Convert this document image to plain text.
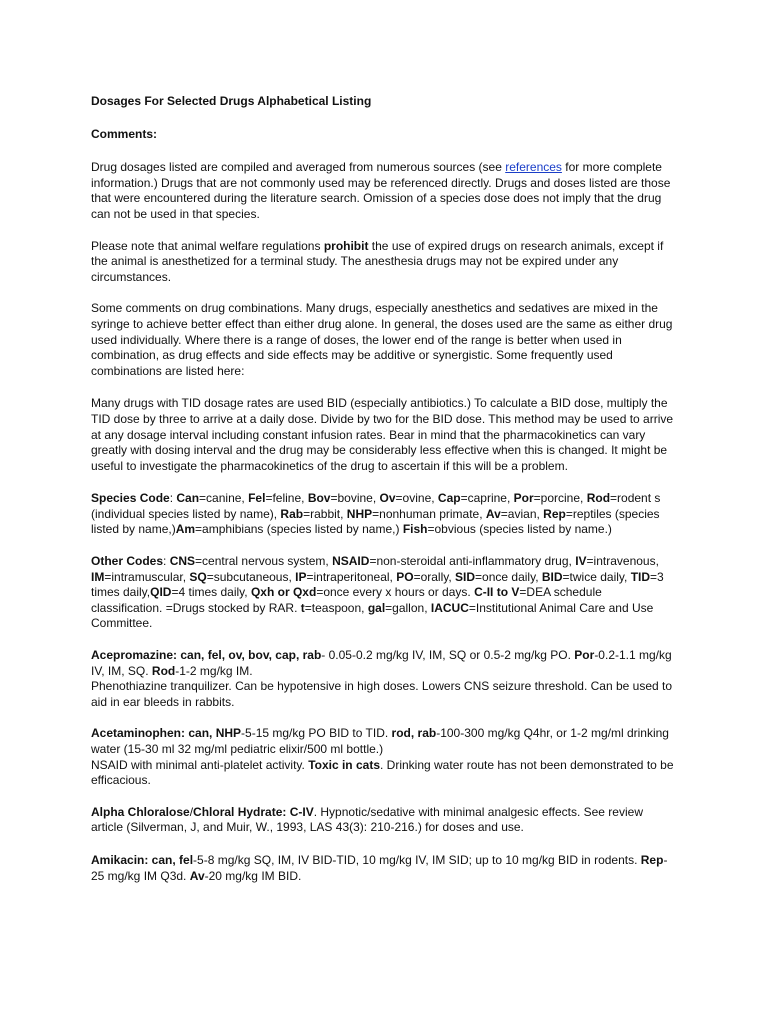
Dosages For Selected Drugs Alphabetical Listing
Comments:

Drug dosages listed are compiled and averaged from numerous sources (see references for more complete information.) Drugs that are not commonly used may be referenced directly. Drugs and doses listed are those that were encountered during the literature search. Omission of a species dose does not imply that the drug can not be used in that species.

Please note that animal welfare regulations prohibit the use of expired drugs on research animals, except if the animal is anesthetized for a terminal study. The anesthesia drugs may not be expired under any circumstances.

Some comments on drug combinations. Many drugs, especially anesthetics and sedatives are mixed in the syringe to achieve better effect than either drug alone. In general, the doses used are the same as either drug used individually. Where there is a range of doses, the lower end of the range is better when used in combination, as drug effects and side effects may be additive or synergistic. Some frequently used combinations are listed here:

Many drugs with TID dosage rates are used BID (especially antibiotics.) To calculate a BID dose, multiply the TID dose by three to arrive at a daily dose. Divide by two for the BID dose. This method may be used to arrive at any dosage interval including constant infusion rates. Bear in mind that the pharmacokinetics can vary greatly with dosing interval and the drug may be considerably less effective when this is changed. It might be useful to investigate the pharmacokinetics of the drug to ascertain if this will be a problem.

Species Code: Can=canine, Fel=feline, Bov=bovine, Ov=ovine, Cap=caprine, Por=porcine, Rod=rodent s (individual species listed by name), Rab=rabbit, NHP=nonhuman primate, Av=avian, Rep=reptiles (species listed by name,)Am=amphibians (species listed by name,) Fish=obvious (species listed by name.)

Other Codes: CNS=central nervous system, NSAID=non-steroidal anti-inflammatory drug, IV=intravenous, IM=intramuscular, SQ=subcutaneous, IP=intraperitoneal, PO=orally, SID=once daily, BID=twice daily, TID=3 times daily,QID=4 times daily, Qxh or Qxd=once every x hours or days. C-II to V=DEA schedule classification. =Drugs stocked by RAR. t=teaspoon, gal=gallon, IACUC=Institutional Animal Care and Use Committee.

Acepromazine: can, fel, ov, bov, cap, rab- 0.05-0.2 mg/kg IV, IM, SQ or 0.5-2 mg/kg PO. Por-0.2-1.1 mg/kg IV, IM, SQ. Rod-1-2 mg/kg IM.
Phenothiazine tranquilizer. Can be hypotensive in high doses. Lowers CNS seizure threshold. Can be used to aid in ear bleeds in rabbits.

Acetaminophen: can, NHP-5-15 mg/kg PO BID to TID. rod, rab-100-300 mg/kg Q4hr, or 1-2 mg/ml drinking water (15-30 ml 32 mg/ml pediatric elixir/500 ml bottle.)
NSAID with minimal anti-platelet activity. Toxic in cats. Drinking water route has not been demonstrated to be efficacious.

Alpha Chloralose/Chloral Hydrate: C-IV. Hypnotic/sedative with minimal analgesic effects. See review article (Silverman, J, and Muir, W., 1993, LAS 43(3): 210-216.) for doses and use.

Amikacin: can, fel-5-8 mg/kg SQ, IM, IV BID-TID, 10 mg/kg IV, IM SID; up to 10 mg/kg BID in rodents. Rep-25 mg/kg IM Q3d. Av-20 mg/kg IM BID.
